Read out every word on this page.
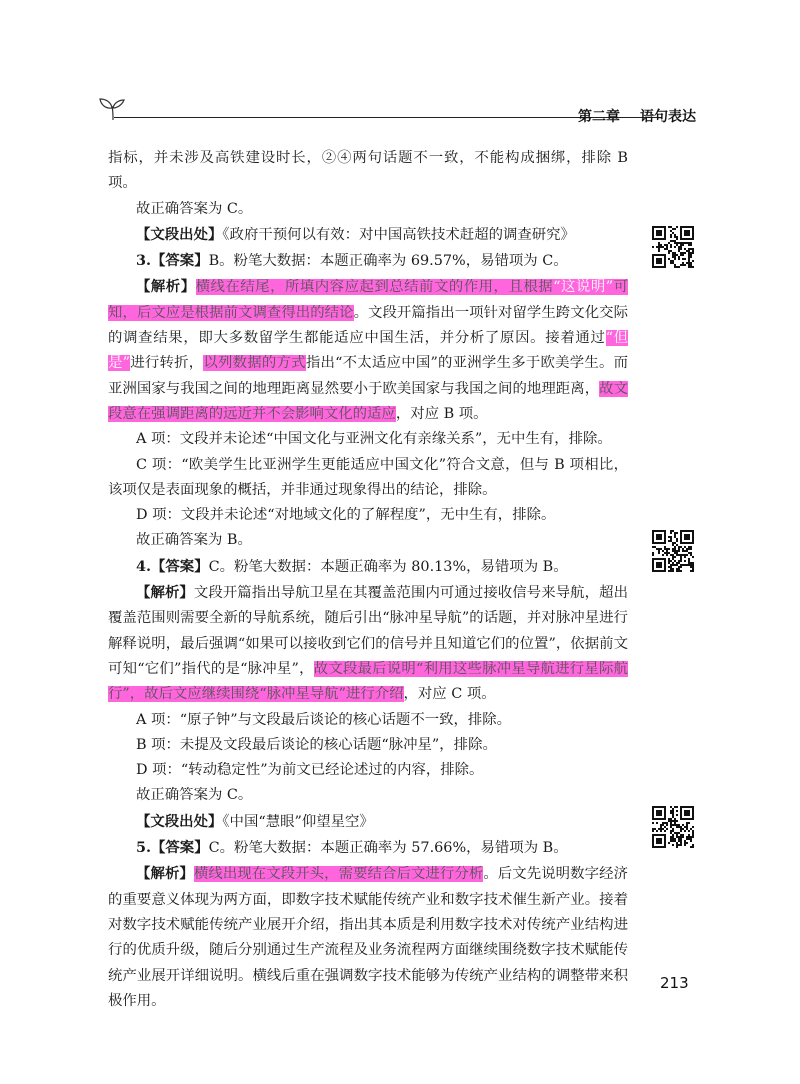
第二章 语句表达

指标，并未涉及高铁建设时长，②④两句话题不一致，不能构成捆绑，排除 B 项。

故正确答案为 C。

【文段出处】《政府干预何以有效：对中国高铁技术赶超的调查研究》

3.【答案】B。粉笔大数据：本题正确率为 69.57%，易错项为 C。

【解析】横线在结尾，所填内容应起到总结前文的作用，且根据“这说明”可知，后文应是根据前文调查得出的结论。文段开篇指出一项针对留学生跨文化交际的调查结果，即大多数留学生都能适应中国生活，并分析了原因。接着通过“但是”进行转折，以列数据的方式指出“不太适应中国”的亚洲学生多于欧美学生。而亚洲国家与我国之间的地理距离显然要小于欧美国家与我国之间的地理距离，故文段意在强调距离的远近并不会影响文化的适应，对应 B 项。

A 项：文段并未论述“中国文化与亚洲文化有亲缘关系”，无中生有，排除。

C 项：“欧美学生比亚洲学生更能适应中国文化”符合文意，但与 B 项相比，该项仅是表面现象的概括，并非通过现象得出的结论，排除。

D 项：文段并未论述“对地域文化的了解程度”，无中生有，排除。

故正确答案为 B。

4.【答案】C。粉笔大数据：本题正确率为 80.13%，易错项为 B。

【解析】文段开篇指出导航卫星在其覆盖范围内可通过接收信号来导航，超出覆盖范围则需要全新的导航系统，随后引出“脉冲星导航”的话题，并对脉冲星进行解释说明，最后强调“如果可以接收到它们的信号并且知道它们的位置”，依据前文可知“它们”指代的是“脉冲星”，故文段最后说明“利用这些脉冲星导航进行星际航行”，故后文应继续围绕“脉冲星导航”进行介绍，对应 C 项。

A 项：“原子钟”与文段最后谈论的核心话题不一致，排除。

B 项：未提及文段最后谈论的核心话题“脉冲星”，排除。

D 项：“转动稳定性”为前文已经论述过的内容，排除。

故正确答案为 C。

【文段出处】《中国“慧眼”仰望星空》

5.【答案】C。粉笔大数据：本题正确率为 57.66%，易错项为 B。

【解析】横线出现在文段开头，需要结合后文进行分析。后文先说明数字经济的重要意义体现为两方面，即数字技术赋能传统产业和数字技术催生新产业。接着对数字技术赋能传统产业展开介绍，指出其本质是利用数字技术对传统产业结构进行的优质升级，随后分别通过生产流程及业务流程两方面继续围绕数字技术赋能传统产业展开详细说明。横线后重在强调数字技术能够为传统产业结构的调整带来积极作用。

213
